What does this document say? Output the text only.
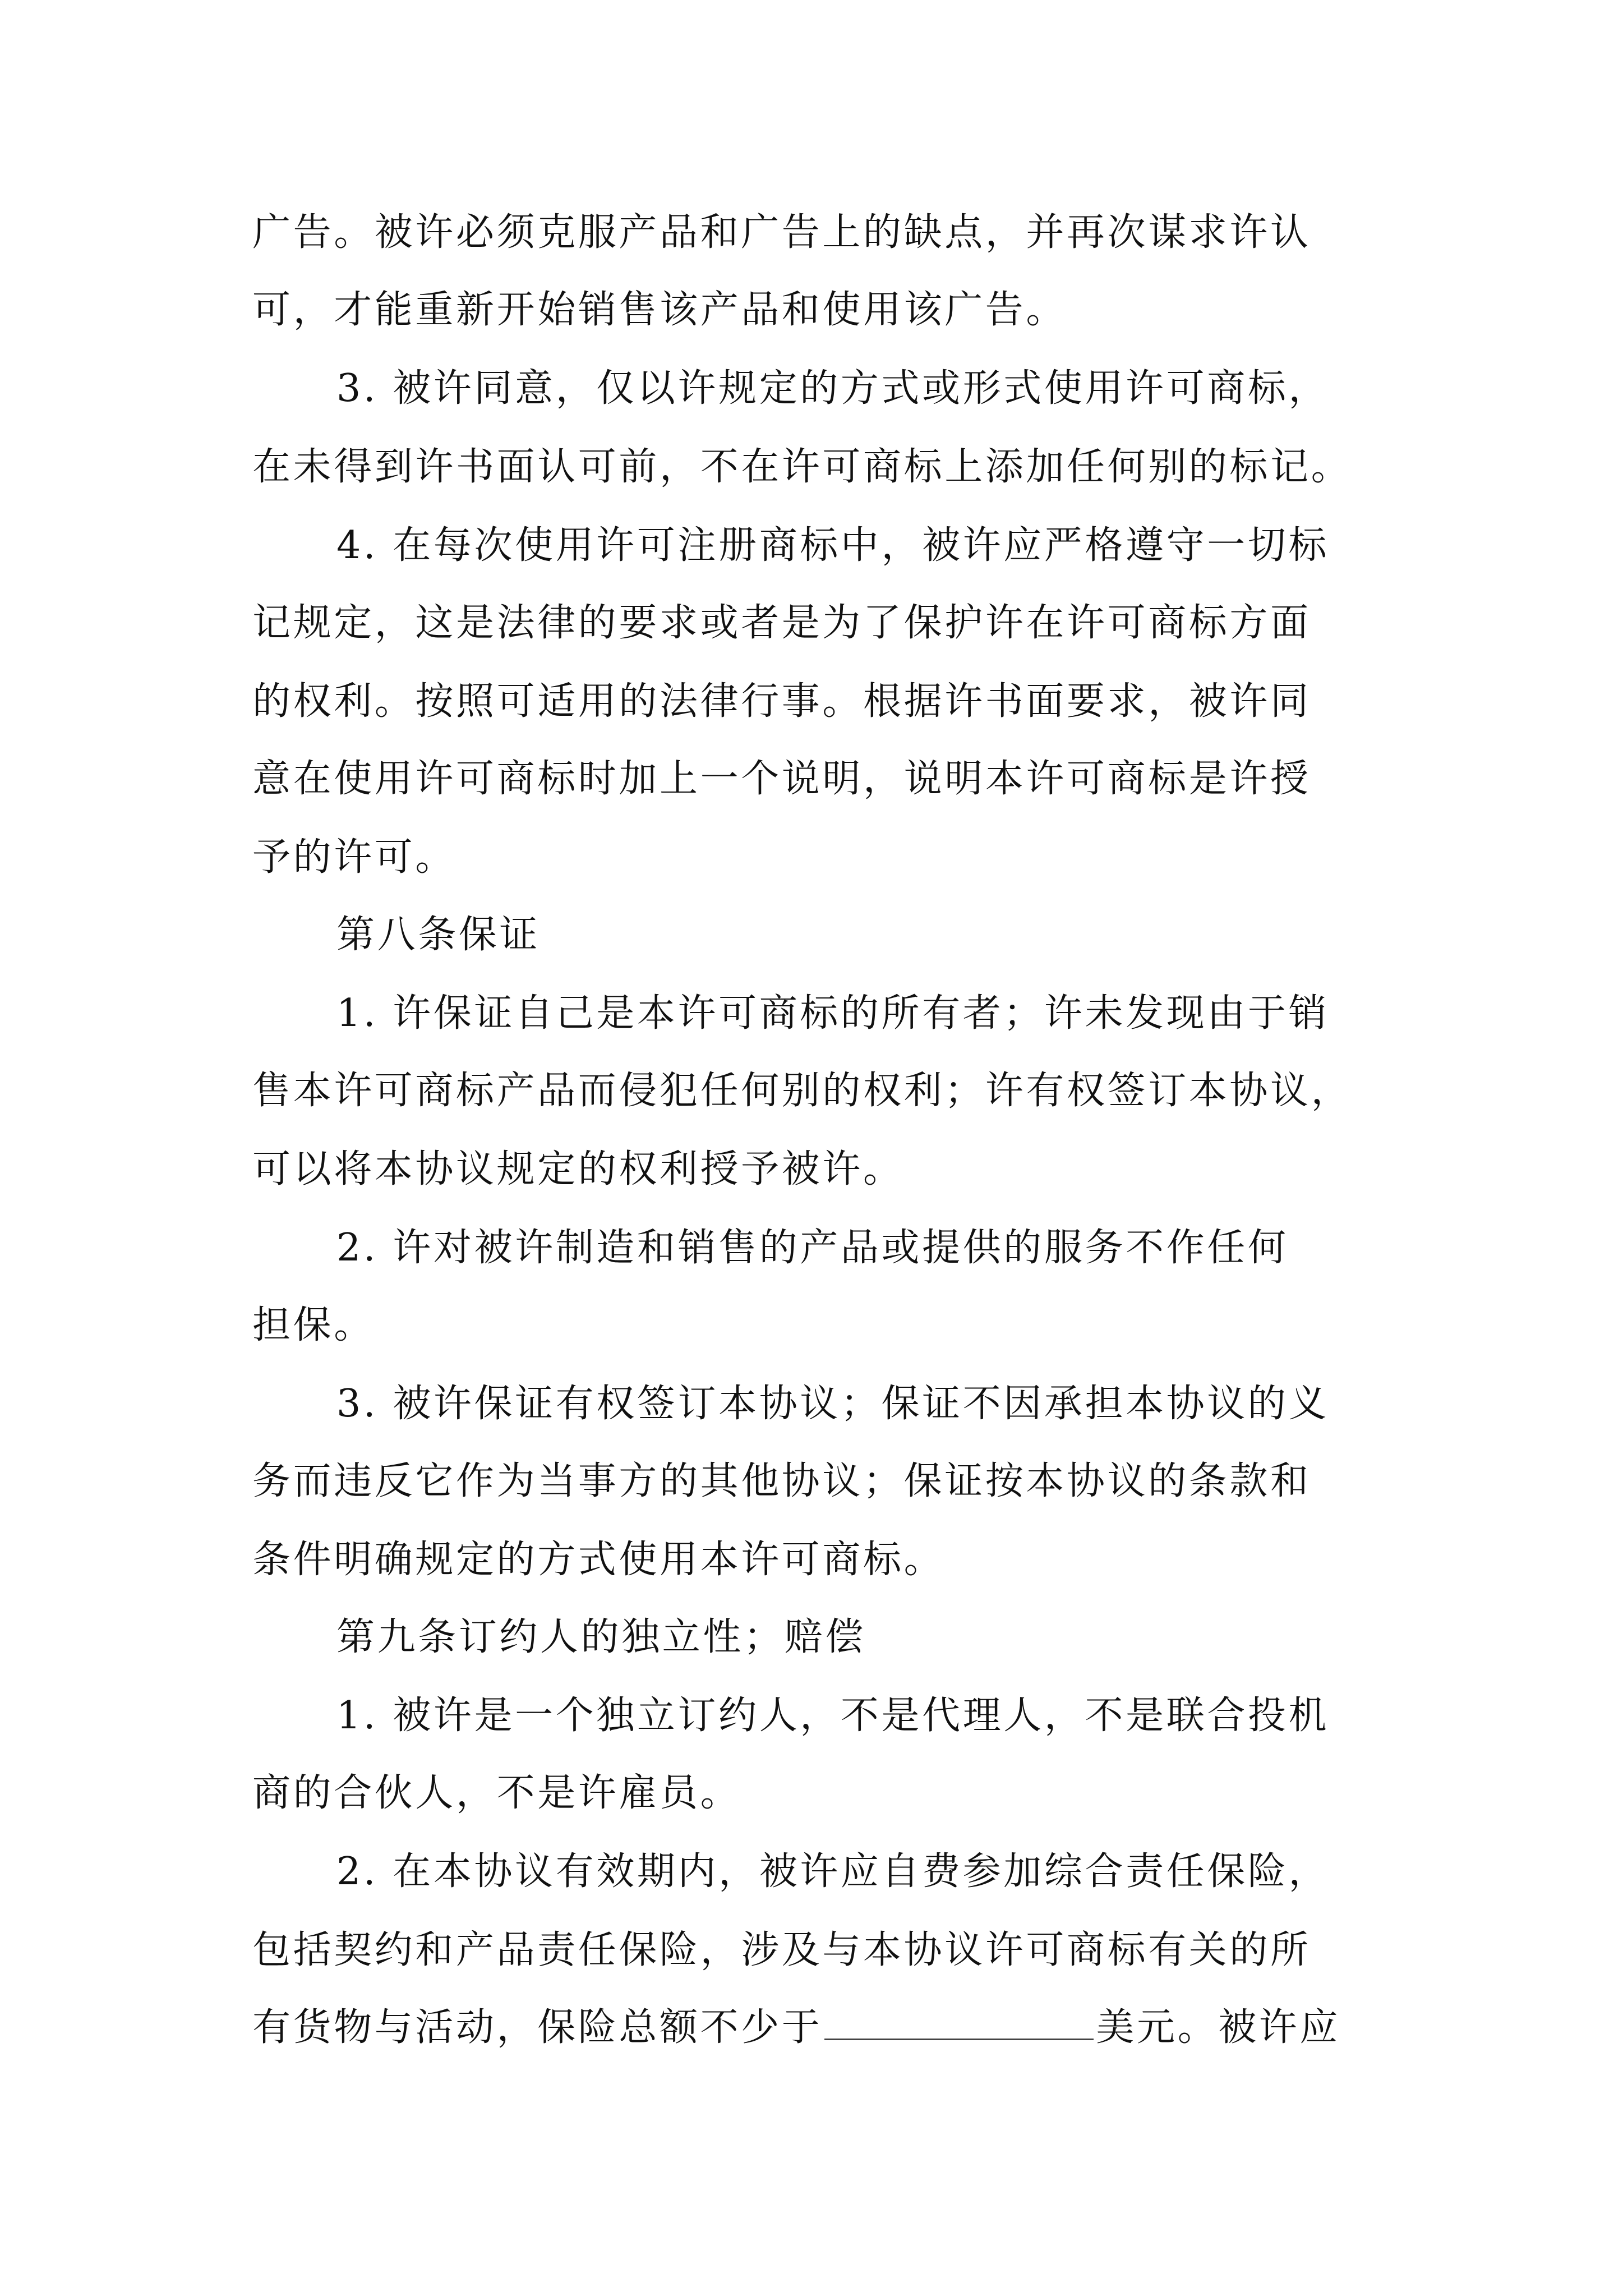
广告。被许必须克服产品和广告上的缺点，并再次谋求许认
可，才能重新开始销售该产品和使用该广告。
3. 被许同意，仅以许规定的方式或形式使用许可商标，
在未得到许书面认可前，不在许可商标上添加任何别的标记。
4. 在每次使用许可注册商标中，被许应严格遵守一切标
记规定，这是法律的要求或者是为了保护许在许可商标方面
的权利。按照可适用的法律行事。根据许书面要求，被许同
意在使用许可商标时加上一个说明，说明本许可商标是许授
予的许可。
第八条保证
1. 许保证自己是本许可商标的所有者；许未发现由于销
售本许可商标产品而侵犯任何别的权利；许有权签订本协议，
可以将本协议规定的权利授予被许。
2. 许对被许制造和销售的产品或提供的服务不作任何
担保。
3. 被许保证有权签订本协议；保证不因承担本协议的义
务而违反它作为当事方的其他协议；保证按本协议的条款和
条件明确规定的方式使用本许可商标。
第九条订约人的独立性；赔偿
1. 被许是一个独立订约人，不是代理人，不是联合投机
商的合伙人，不是许雇员。
2. 在本协议有效期内，被许应自费参加综合责任保险，
包括契约和产品责任保险，涉及与本协议许可商标有关的所
有货物与活动，保险总额不少于	美元。被许应
